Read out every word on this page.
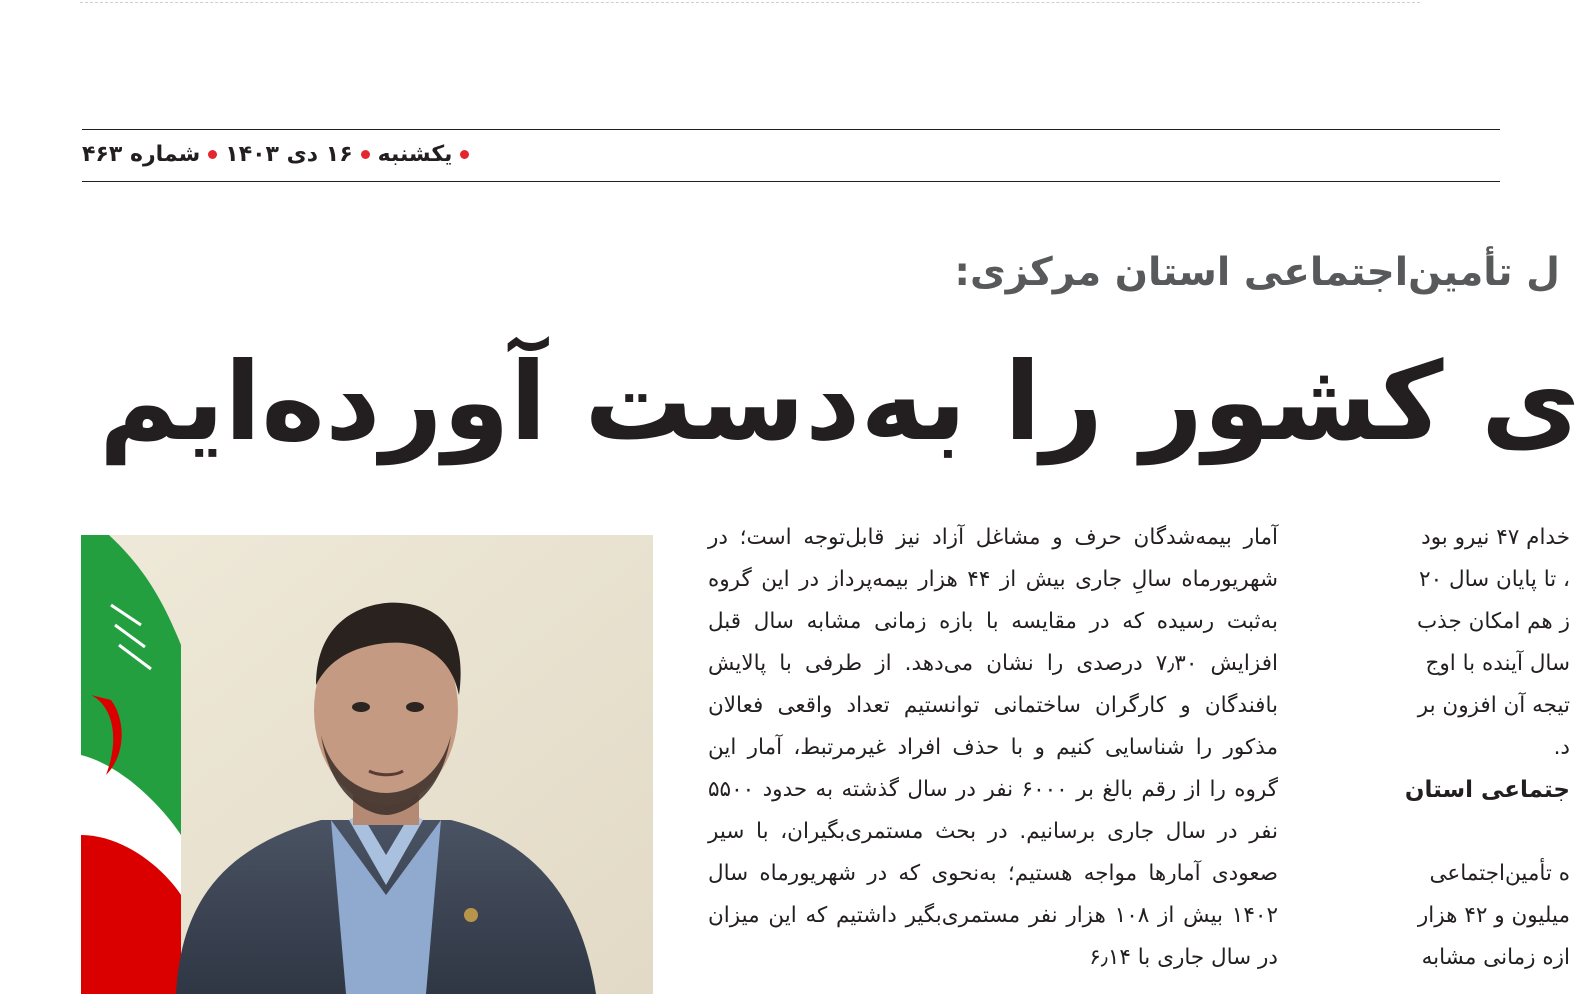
یکشنبه
۱۶ دی ۱۴۰۳
شماره ۴۶۳
ل تأمین‌اجتماعی استان مرکزی:
ی کشور را به‌دست آورده‌ایم

آمار بیمه‌شدگان حرف و مشاغل آزاد نیز قابل‌توجه است؛ در شهریورماه سالِ جاری بیش از ۴۴ هزار بیمه‌پرداز در این گروه به‌ثبت رسیده که در مقایسه با بازه زمانی مشابه سال قبل افزایش ۷٫۳۰ درصدی را نشان می‌دهد. از طرفی با پالایش بافندگان و کارگران ساختمانی توانستیم تعداد واقعی فعالان مذکور را شناسایی کنیم و با حذف افراد غیرمرتبط، آمار این گروه را از رقم بالغ بر ۶۰۰۰ نفر در سال گذشته به حدود ۵۵۰۰ نفر در سال جاری برسانیم. در بحث مستمری‌بگیران، با سیر صعودی آمارها مواجه هستیم؛ به‌نحوی که در شهریورماه سال ۱۴۰۲ بیش از ۱۰۸ هزار نفر مستمری‌بگیر داشتیم که این میزان در سال جاری با ۶٫۱۴

خدام ۴۷ نیرو بود
، تا پایان سال ۲۰
ز هم امکان جذب
سال آینده با اوج
تیجه آن افزون بر
د.
جتماعی استان
ه تأمین‌اجتماعی
میلیون و ۴۲ هزار
ازه زمانی مشابه
